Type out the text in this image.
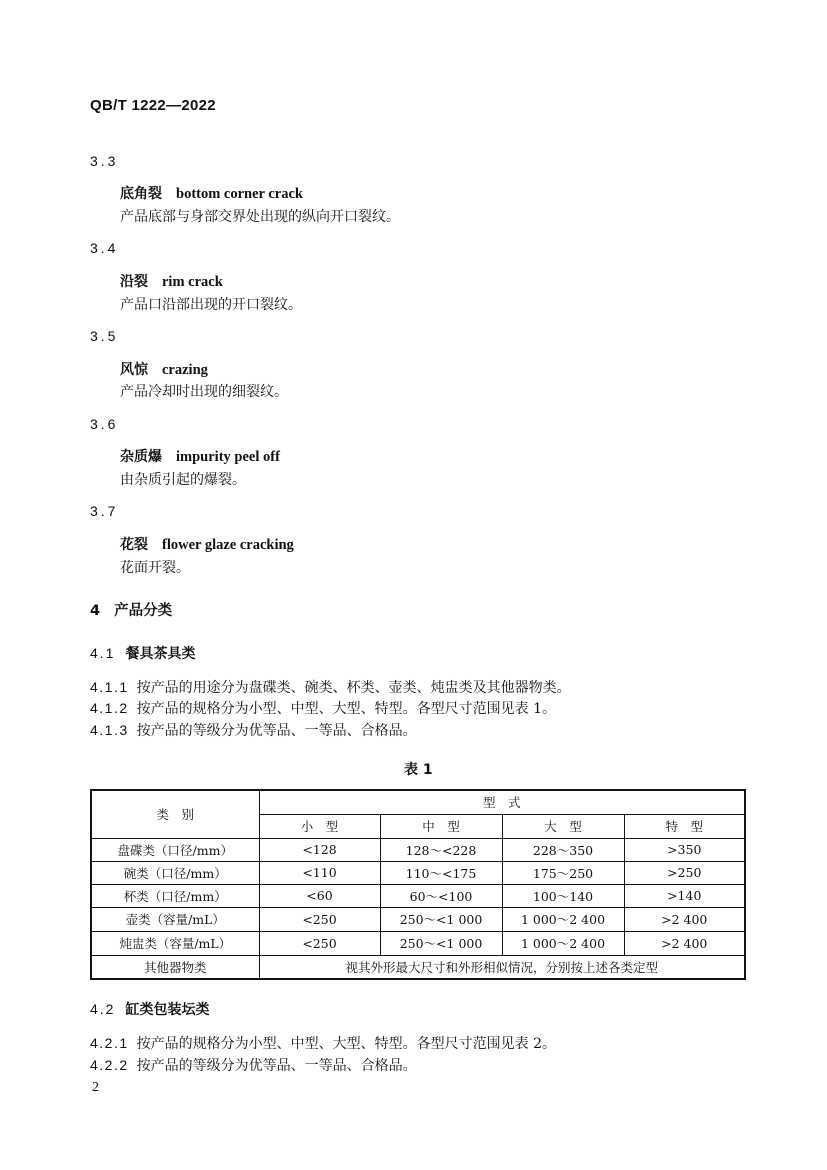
QB/T 1222—2022
3.3
底角裂 bottom corner crack
产品底部与身部交界处出现的纵向开口裂纹。
3.4
沿裂 rim crack
产品口沿部出现的开口裂纹。
3.5
风惊 crazing
产品冷却时出现的细裂纹。
3.6
杂质爆 impurity peel off
由杂质引起的爆裂。
3.7
花裂 flower glaze cracking
花面开裂。
4 产品分类
4.1 餐具茶具类
4.1.1 按产品的用途分为盘碟类、碗类、杯类、壶类、炖盅类及其他器物类。
4.1.2 按产品的规格分为小型、中型、大型、特型。各型尺寸范围见表 1。
4.1.3 按产品的等级分为优等品、一等品、合格品。
表 1
类　别	型　式			
	小　型	中　型	大　型	特　型
盘碟类（口径/mm）	<128	128～<228	228～350	>350
碗类（口径/mm）	<110	110～<175	175～250	>250
杯类（口径/mm）	<60	60～<100	100～140	>140
壶类（容量/mL）	<250	250～<1 000	1 000～2 400	>2 400
炖盅类（容量/mL）	<250	250～<1 000	1 000～2 400	>2 400
其他器物类	视其外形最大尺寸和外形相似情况，分别按上述各类定型			
4.2 缸类包装坛类
4.2.1 按产品的规格分为小型、中型、大型、特型。各型尺寸范围见表 2。
4.2.2 按产品的等级分为优等品、一等品、合格品。
2
